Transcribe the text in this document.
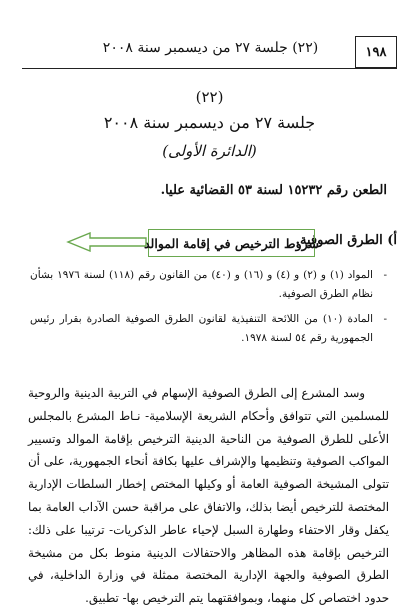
١٩٨
(٢٢) جلسة ٢٧ من ديسمبر سنة ٢٠٠٨
(٢٢)
جلسة ٢٧ من ديسمبر سنة ٢٠٠٨
(الدائرة الأولى)
الطعن رقم ١٥٢٣٢ لسنة ٥٣ القضائية عليا.
أ) الطرق الصوفية.
شروط الترخيص في إقامة الموالد
-
المواد (١) و (٢) و (٤) و (١٦) و (٤٠) من القانون رقم (١١٨) لسنة ١٩٧٦ بشأن نظام الطرق الصوفية.
-
المادة (١٠) من اللائحة التنفيذية لقانون الطرق الصوفية الصادرة بقرار رئيس الجمهورية رقم ٥٤ لسنة ١٩٧٨.
وسد المشرع إلى الطرق الصوفية الإسهام في التربية الدينية والروحية للمسلمين التي تتوافق وأحكام الشريعة الإسلامية- نـاط المشرع بالمجلس الأعلى للطرق الصوفية من الناحية الدينية الترخيص بإقامة الموالد وتسيير المواكب الصوفية وتنظيمها والإشراف عليها بكافة أنحاء الجمهورية، على أن تتولى المشيخة الصوفية العامة أو وكيلها المختص إخطار السلطات الإدارية المختصة للترخيص أيضا بذلك، والاتفاق على مراقبة حسن الآداب العامة بما يكفل وقار الاحتفاء وطهارة السبل لإحياء عاطر الذكريات- ترتيبا على ذلك: الترخيص بإقامة هذه المظاهر والاحتفالات الدينية منوط بكل من مشيخة الطرق الصوفية والجهة الإدارية المختصة ممثلة في وزارة الداخلية، في حدود اختصاص كل منهما، وبموافقتهما يتم الترخيص بها- تطبيق.
